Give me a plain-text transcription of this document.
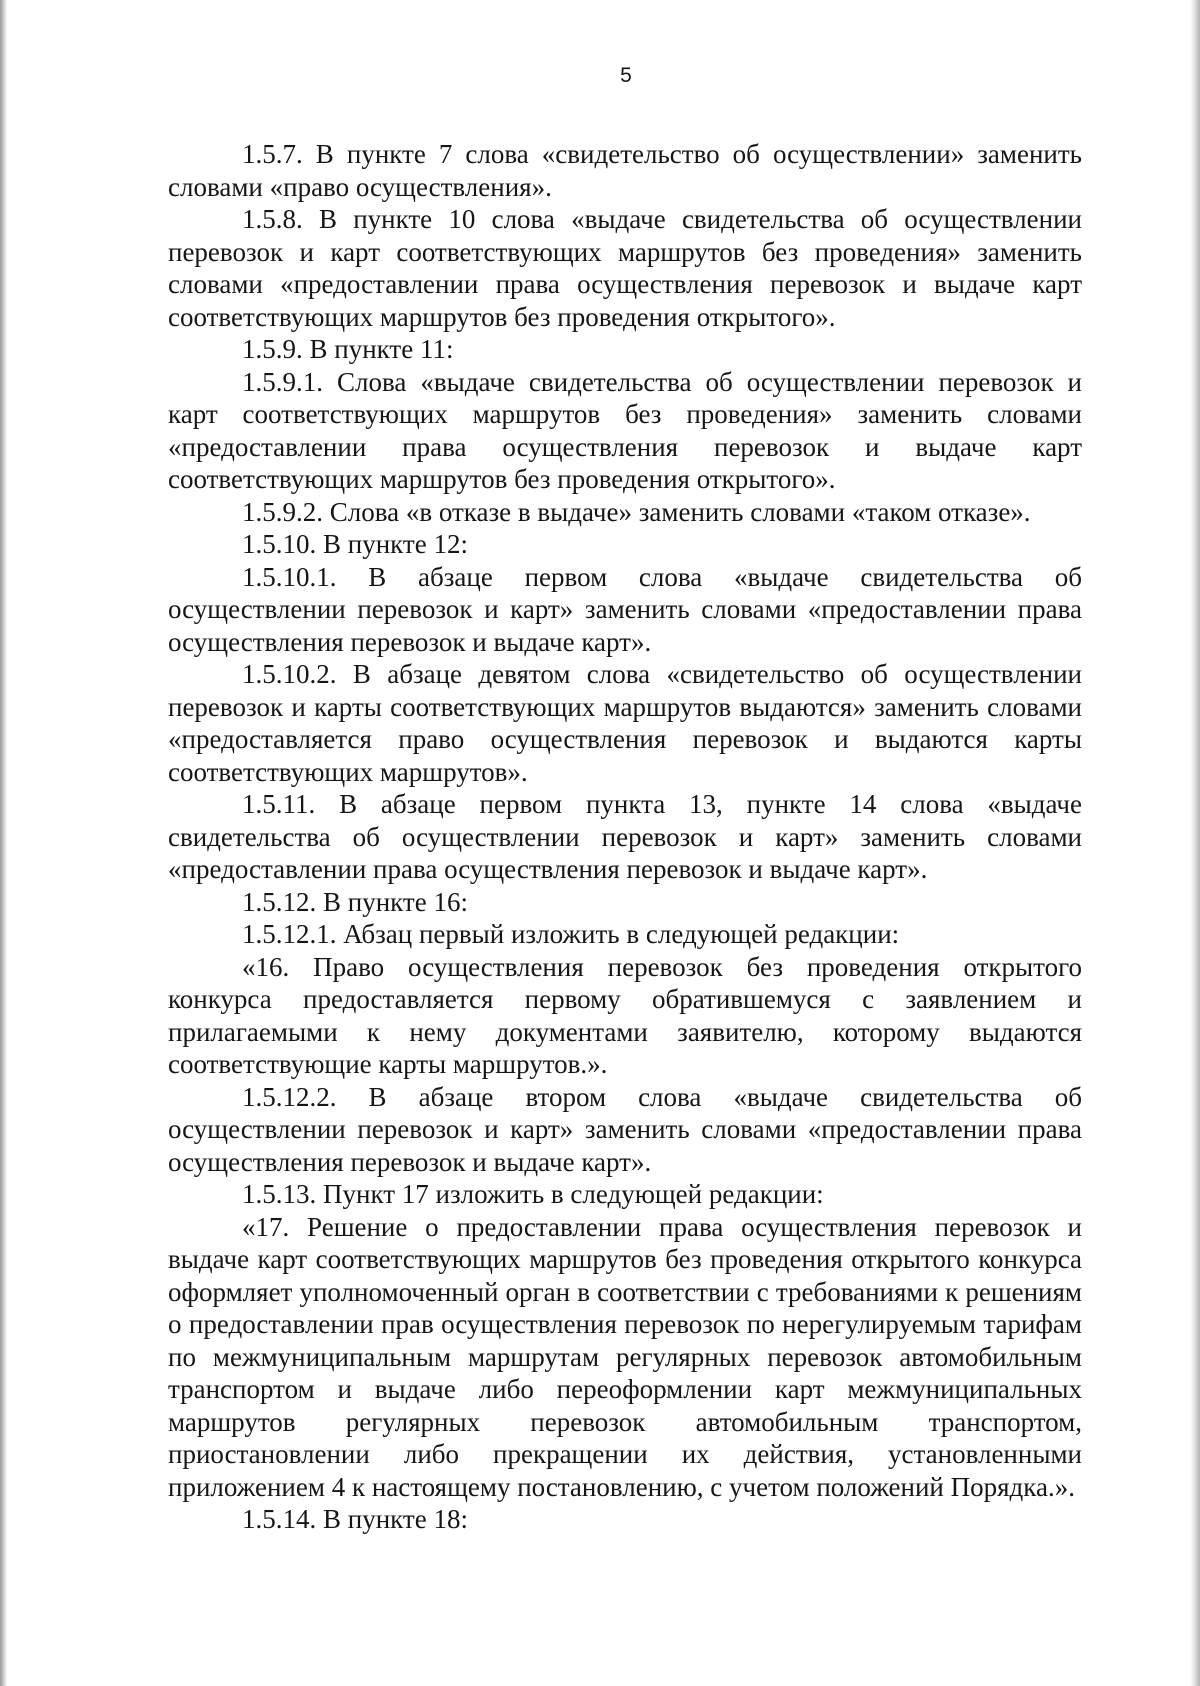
5

1.5.7. В пункте 7 слова «свидетельство об осуществлении» заменить словами «право осуществления».

1.5.8. В пункте 10 слова «выдаче свидетельства об осуществлении перевозок и карт соответствующих маршрутов без проведения» заменить словами «предоставлении права осуществления перевозок и выдаче карт соответствующих маршрутов без проведения открытого».

1.5.9. В пункте 11:

1.5.9.1. Слова «выдаче свидетельства об осуществлении перевозок и карт соответствующих маршрутов без проведения» заменить словами «предоставлении права осуществления перевозок и выдаче карт соответствующих маршрутов без проведения открытого».

1.5.9.2. Слова «в отказе в выдаче» заменить словами «таком отказе».

1.5.10. В пункте 12:

1.5.10.1. В абзаце первом слова «выдаче свидетельства об осуществлении перевозок и карт» заменить словами «предоставлении права осуществления перевозок и выдаче карт».

1.5.10.2. В абзаце девятом слова «свидетельство об осуществлении перевозок и карты соответствующих маршрутов выдаются» заменить словами «предоставляется право осуществления перевозок и выдаются карты соответствующих маршрутов».

1.5.11. В абзаце первом пункта 13, пункте 14 слова «выдаче свидетельства об осуществлении перевозок и карт» заменить словами «предоставлении права осуществления перевозок и выдаче карт».

1.5.12. В пункте 16:

1.5.12.1. Абзац первый изложить в следующей редакции:

«16. Право осуществления перевозок без проведения открытого конкурса предоставляется первому обратившемуся с заявлением и прилагаемыми к нему документами заявителю, которому выдаются соответствующие карты маршрутов.».

1.5.12.2. В абзаце втором слова «выдаче свидетельства об осуществлении перевозок и карт» заменить словами «предоставлении права осуществления перевозок и выдаче карт».

1.5.13. Пункт 17 изложить в следующей редакции:

«17. Решение о предоставлении права осуществления перевозок и выдаче карт соответствующих маршрутов без проведения открытого конкурса оформляет уполномоченный орган в соответствии с требованиями к решениям о предоставлении прав осуществления перевозок по нерегулируемым тарифам по межмуниципальным маршрутам регулярных перевозок автомобильным транспортом и выдаче либо переоформлении карт межмуниципальных маршрутов регулярных перевозок автомобильным транспортом, приостановлении либо прекращении их действия, установленными приложением 4 к настоящему постановлению, с учетом положений Порядка.».

1.5.14. В пункте 18:
